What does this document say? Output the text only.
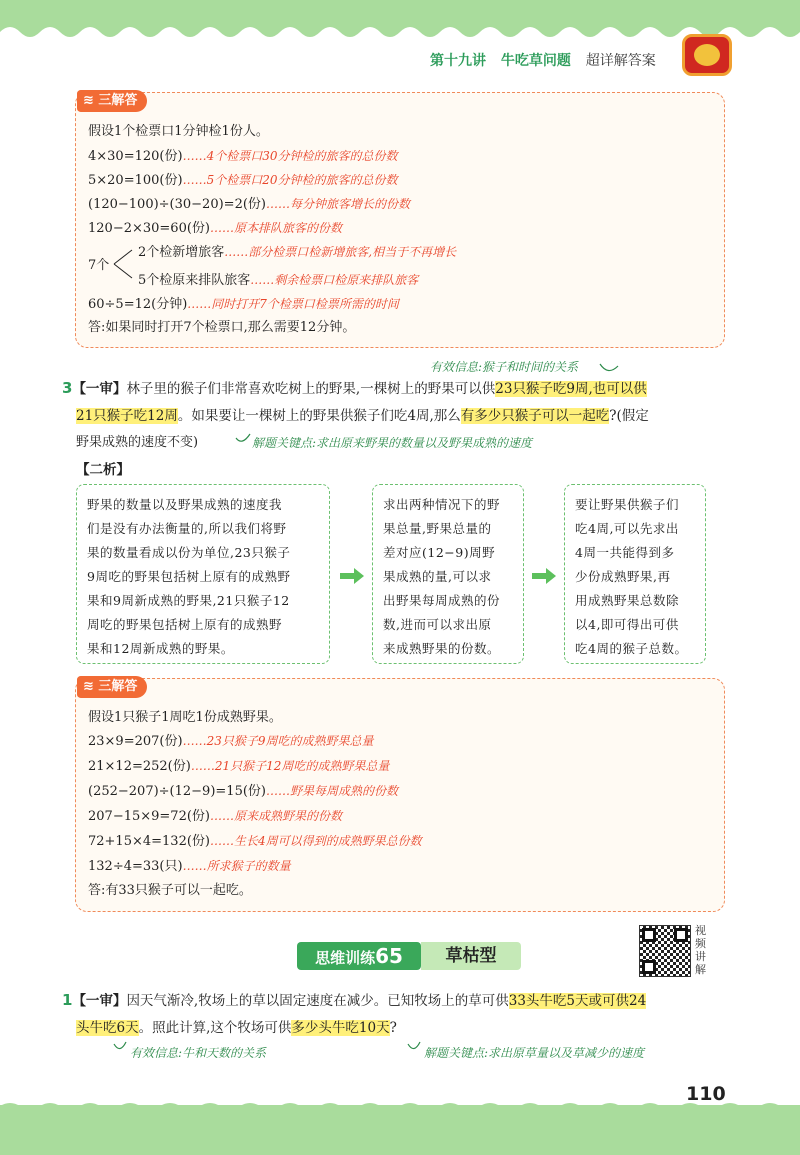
第十九讲 牛吃草问题 超详解答案
≋ 三解答
假设1个检票口1分钟检1份人。
4×30=120(份)……4个检票口30分钟检的旅客的总份数
5×20=100(份)……5个检票口20分钟检的旅客的总份数
(120−100)÷(30−20)=2(份)……每分钟旅客增长的份数
120−2×30=60(份)……原本排队旅客的份数
7个
2个检新增旅客……部分检票口检新增旅客,相当于不再增长
5个检原来排队旅客……剩余检票口检原来排队旅客
60÷5=12(分钟)……同时打开7个检票口检票所需的时间
答:如果同时打开7个检票口,那么需要12分钟。
有效信息:猴子和时间的关系
3【一审】林子里的猴子们非常喜欢吃树上的野果,一棵树上的野果可以供23只猴子吃9周,也可以供
21只猴子吃12周。如果要让一棵树上的野果供猴子们吃4周,那么有多少只猴子可以一起吃?(假定
野果成熟的速度不变)	解题关键点:求出原来野果的数量以及野果成熟的速度
【二析】
野果的数量以及野果成熟的速度我
们是没有办法衡量的,所以我们将野
果的数量看成以份为单位,23只猴子
9周吃的野果包括树上原有的成熟野
果和9周新成熟的野果,21只猴子12
周吃的野果包括树上原有的成熟野
果和12周新成熟的野果。
求出两种情况下的野
果总量,野果总量的
差对应(12−9)周野
果成熟的量,可以求
出野果每周成熟的份
数,进而可以求出原
来成熟野果的份数。
要让野果供猴子们
吃4周,可以先求出
4周一共能得到多
少份成熟野果,再
用成熟野果总数除
以4,即可得出可供
吃4周的猴子总数。
≋ 三解答
假设1只猴子1周吃1份成熟野果。
23×9=207(份)……23只猴子9周吃的成熟野果总量
21×12=252(份)……21只猴子12周吃的成熟野果总量
(252−207)÷(12−9)=15(份)……野果每周成熟的份数
207−15×9=72(份)……原来成熟野果的份数
72+15×4=132(份)……生长4周可以得到的成熟野果总份数
132÷4=33(只)……所求猴子的数量
答:有33只猴子可以一起吃。
思维训练65	草枯型
视
频
讲
解
1【一审】因天气渐冷,牧场上的草以固定速度在减少。已知牧场上的草可供33头牛吃5天或可供24
头牛吃6天。照此计算,这个牧场可供多少头牛吃10天?
有效信息:牛和天数的关系	解题关键点:求出原草量以及草减少的速度
110
